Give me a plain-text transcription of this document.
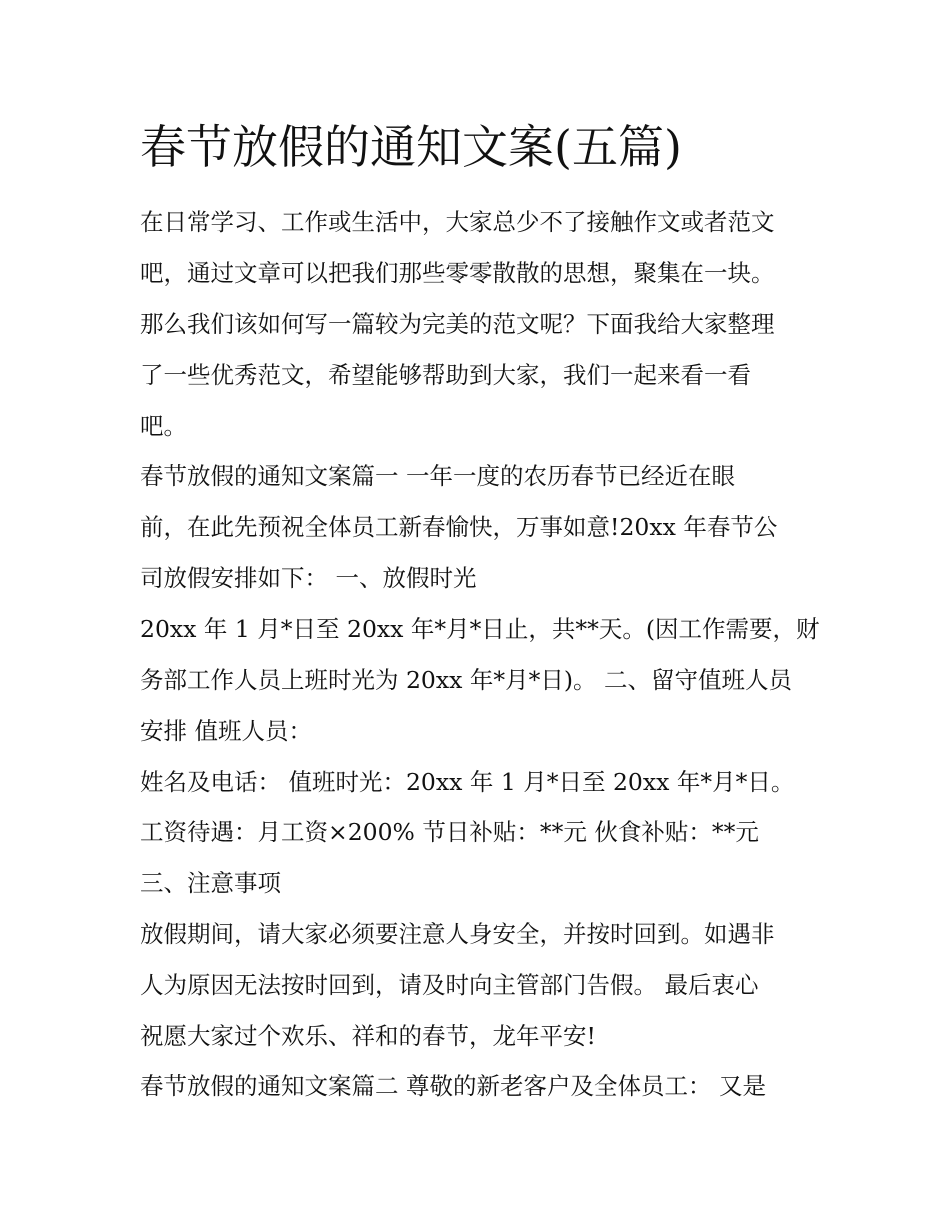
春节放假的通知文案(五篇)

在日常学习、工作或生活中，大家总少不了接触作文或者范文

吧，通过文章可以把我们那些零零散散的思想，聚集在一块。

那么我们该如何写一篇较为完美的范文呢？下面我给大家整理

了一些优秀范文，希望能够帮助到大家，我们一起来看一看

吧。

春节放假的通知文案篇一 一年一度的农历春节已经近在眼

前，在此先预祝全体员工新春愉快，万事如意!20xx 年春节公

司放假安排如下： 一、放假时光

20xx 年 1 月*日至 20xx 年*月*日止，共**天。(因工作需要，财

务部工作人员上班时光为 20xx 年*月*日)。 二、留守值班人员

安排 值班人员：

姓名及电话： 值班时光：20xx 年 1 月*日至 20xx 年*月*日。

工资待遇：月工资×200% 节日补贴：**元 伙食补贴：**元

三、注意事项

放假期间，请大家必须要注意人身安全，并按时回到。如遇非

人为原因无法按时回到，请及时向主管部门告假。 最后衷心

祝愿大家过个欢乐、祥和的春节，龙年平安!

春节放假的通知文案篇二 尊敬的新老客户及全体员工： 又是
